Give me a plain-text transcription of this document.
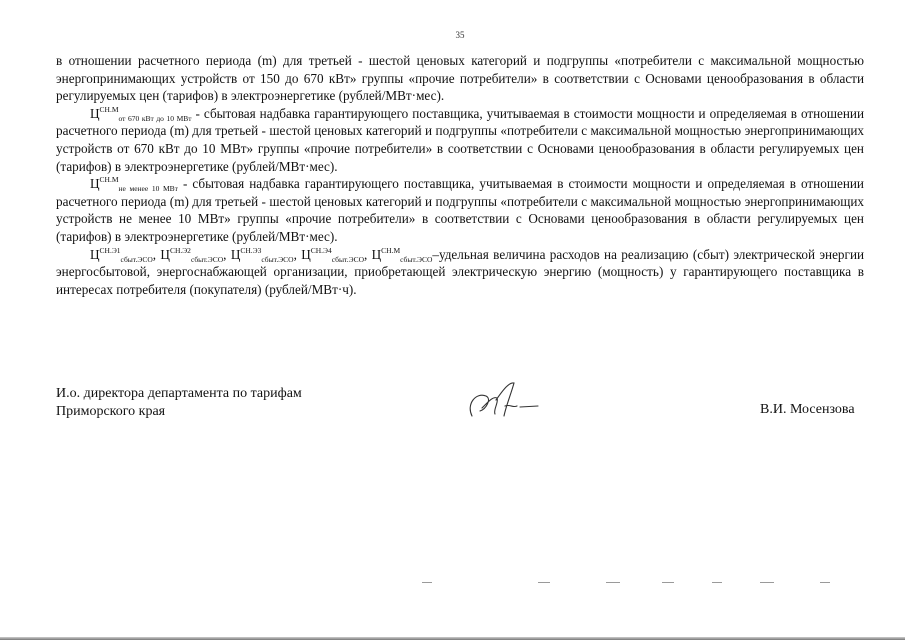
35

в отношении расчетного периода (m) для третьей - шестой ценовых категорий и подгруппы «потребители с максимальной мощностью энергопринимающих устройств от 150 до 670 кВт» группы «прочие потребители» в соответствии с Основами ценообразования в области регулируемых цен (тарифов) в электроэнергетике (рублей/МВт·мес).

$Ц^{СН.М}_{от 670 кВт до 10 МВт}$ - сбытовая надбавка гарантирующего поставщика, учитываемая в стоимости мощности и определяемая в отношении расчетного периода (m) для третьей - шестой ценовых категорий и подгруппы «потребители с максимальной мощностью энергопринимающих устройств от 670 кВт до 10 МВт» группы «прочие потребители» в соответствии с Основами ценообразования в области регулируемых цен (тарифов) в электроэнергетике (рублей/МВт·мес).

$Ц^{СН.М}_{не менее 10 МВт}$ - сбытовая надбавка гарантирующего поставщика, учитываемая в стоимости мощности и определяемая в отношении расчетного периода (m) для третьей - шестой ценовых категорий и подгруппы «потребители с максимальной мощностью энергопринимающих устройств не менее 10 МВт» группы «прочие потребители» в соответствии с Основами ценообразования в области регулируемых цен (тарифов) в электроэнергетике (рублей/МВт·мес).

$Ц^{СН.Э1}_{сбыт.ЭСО}$, $Ц^{СН.Э2}_{сбыт.ЭСО}$, $Ц^{СН.Э3}_{сбыт.ЭСО}$, $Ц^{СН.Э4}_{сбыт.ЭСО}$, $Ц^{СН.М}_{сбыт.ЭСО}$–удельная величина расходов на реализацию (сбыт) электрической энергии энергосбытовой, энергоснабжающей организации, приобретающей электрическую энергию (мощность) у гарантирующего поставщика в интересах потребителя (покупателя) (рублей/МВт·ч).

И.о. директора департамента по тарифам
Приморского края	В.И. Мосензова
